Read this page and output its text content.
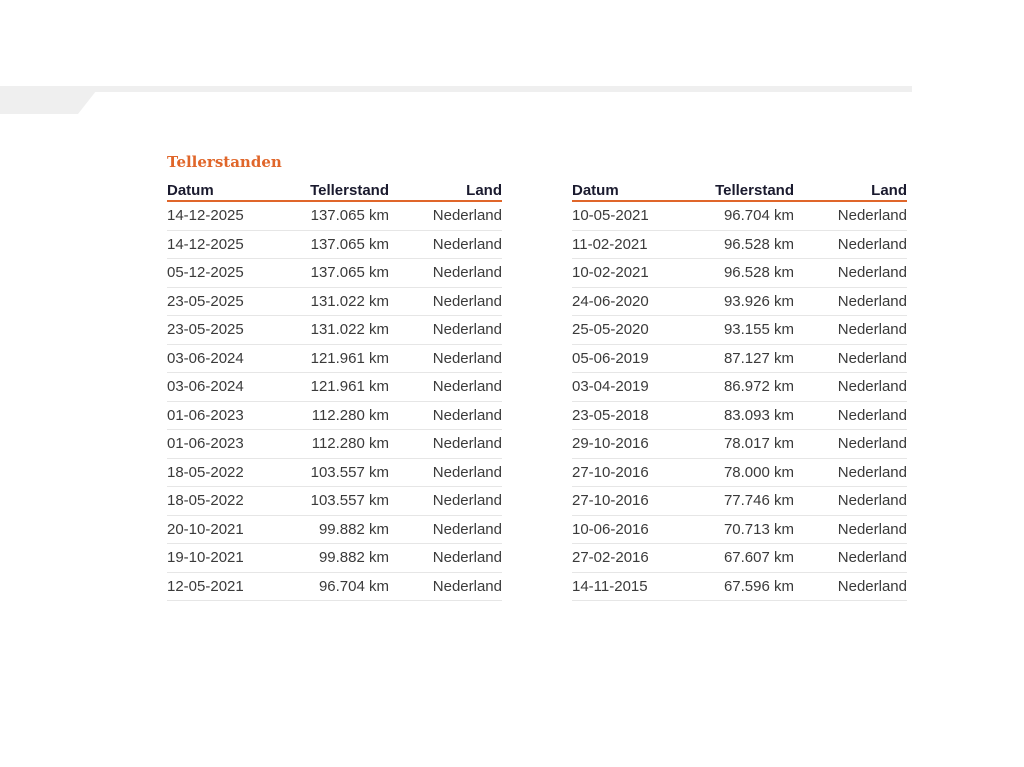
Tellerstanden
Datum	Tellerstand	Land
14-12-2025	137.065 km	Nederland
14-12-2025	137.065 km	Nederland
05-12-2025	137.065 km	Nederland
23-05-2025	131.022 km	Nederland
23-05-2025	131.022 km	Nederland
03-06-2024	121.961 km	Nederland
03-06-2024	121.961 km	Nederland
01-06-2023	112.280 km	Nederland
01-06-2023	112.280 km	Nederland
18-05-2022	103.557 km	Nederland
18-05-2022	103.557 km	Nederland
20-10-2021	99.882 km	Nederland
19-10-2021	99.882 km	Nederland
12-05-2021	96.704 km	Nederland
Datum	Tellerstand	Land
10-05-2021	96.704 km	Nederland
11-02-2021	96.528 km	Nederland
10-02-2021	96.528 km	Nederland
24-06-2020	93.926 km	Nederland
25-05-2020	93.155 km	Nederland
05-06-2019	87.127 km	Nederland
03-04-2019	86.972 km	Nederland
23-05-2018	83.093 km	Nederland
29-10-2016	78.017 km	Nederland
27-10-2016	78.000 km	Nederland
27-10-2016	77.746 km	Nederland
10-06-2016	70.713 km	Nederland
27-02-2016	67.607 km	Nederland
14-11-2015	67.596 km	Nederland
